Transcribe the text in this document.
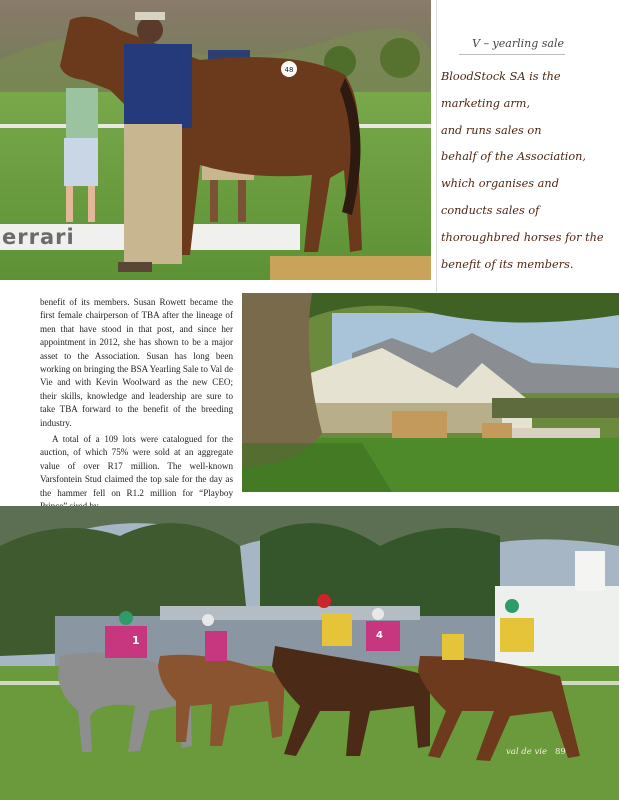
48
errari
V – yearling sale
BloodStock SA is the
marketing arm,
and runs sales on
behalf of the Association,
which organises and
conducts sales of
thoroughbred horses for the
benefit of its members.

benefit of its members. Susan Rowett became the first female chairperson of TBA after the lineage of men that have stood in that post, and since her appointment in 2012, she has shown to be a major asset to the Association. Susan has long been working on bringing the BSA Yearling Sale to Val de Vie and with Kevin Woolward as the new CEO; their skills, knowledge and leadership are sure to take TBA forward to the benefit of the breeding industry.

A total of a 109 lots were catalogued for the auction, of which 75% were sold at an aggregate value of over R17 million. The well-known Varsfontein Stud claimed the top sale for the day as the hammer fell on R1.2 million for “Playboy

1	4
val de vie 89
